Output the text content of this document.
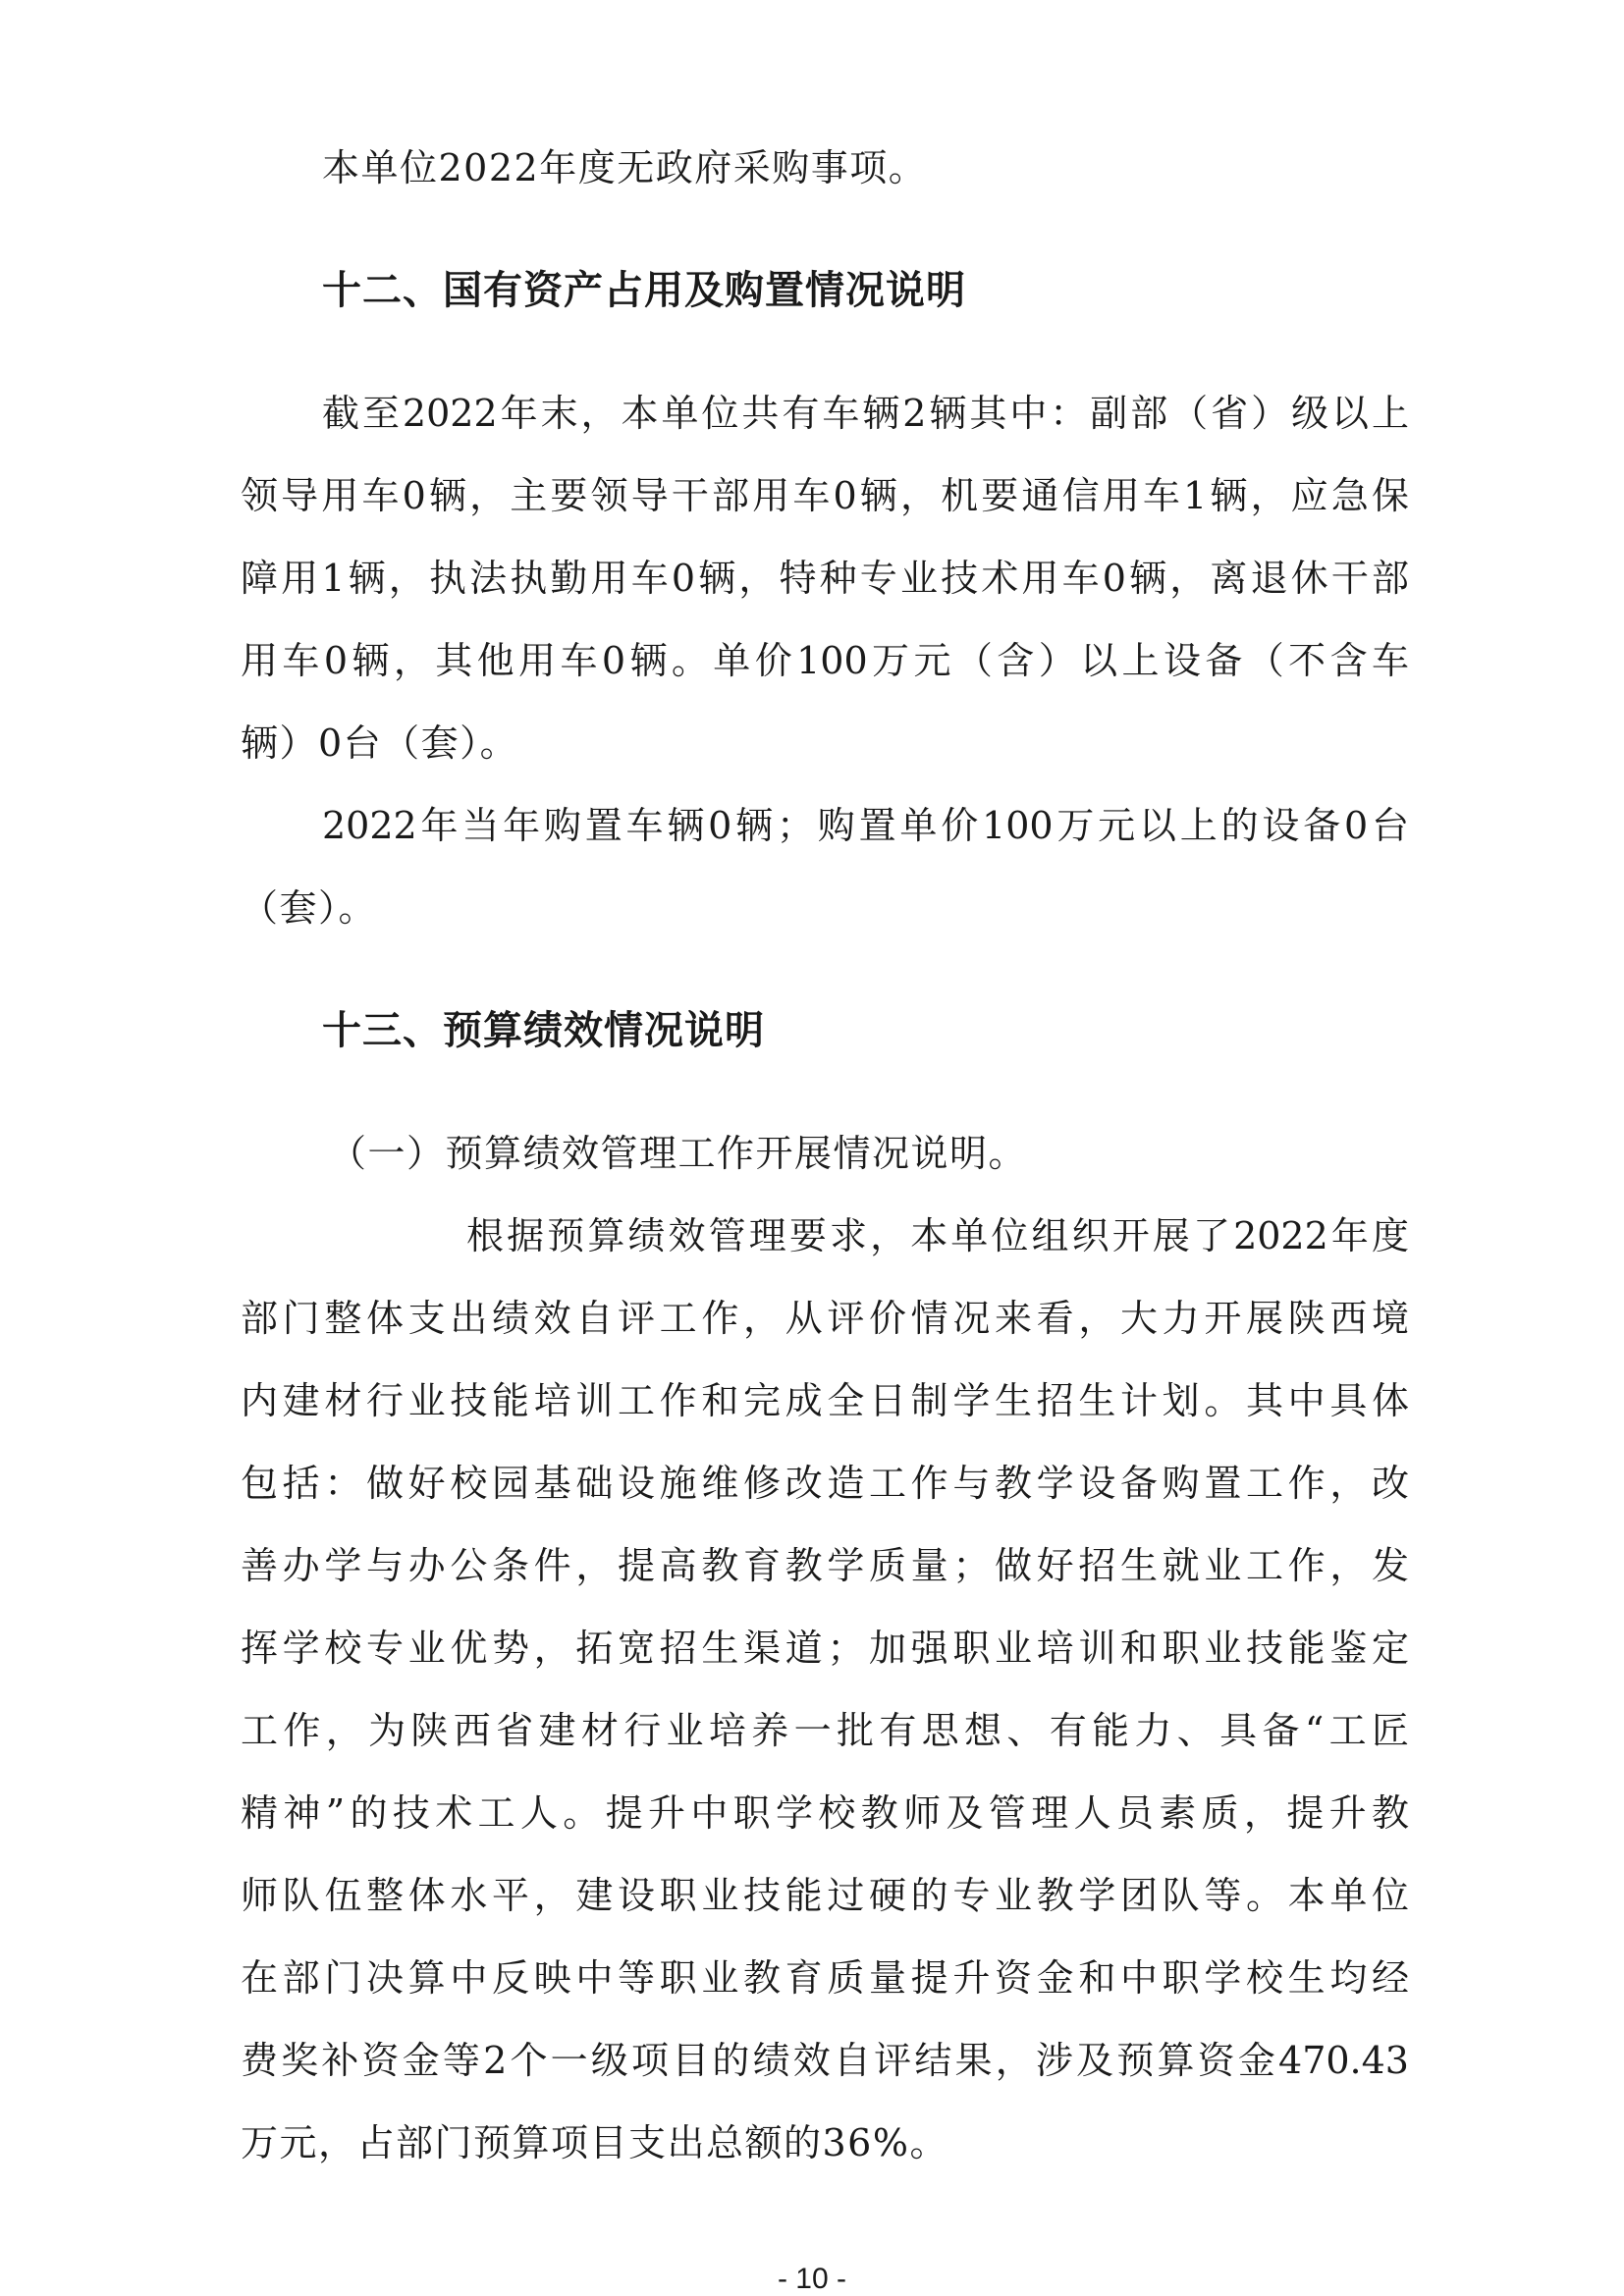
本单位2022年度无政府采购事项。
十二、国有资产占用及购置情况说明
截至2022年末，本单位共有车辆2辆其中：副部（省）级以上
领导用车0辆，主要领导干部用车0辆，机要通信用车1辆，应急保
障用1辆，执法执勤用车0辆，特种专业技术用车0辆，离退休干部
用车0辆，其他用车0辆。单价100万元（含）以上设备（不含车
辆）0台（套）。
2022年当年购置车辆0辆；购置单价100万元以上的设备0台
（套）。
十三、预算绩效情况说明
（一）预算绩效管理工作开展情况说明。
根据预算绩效管理要求，本单位组织开展了2022年度
部门整体支出绩效自评工作，从评价情况来看，大力开展陕西境
内建材行业技能培训工作和完成全日制学生招生计划。其中具体
包括：做好校园基础设施维修改造工作与教学设备购置工作，改
善办学与办公条件，提高教育教学质量；做好招生就业工作，发
挥学校专业优势，拓宽招生渠道；加强职业培训和职业技能鉴定
工作，为陕西省建材行业培养一批有思想、有能力、具备“工匠
精神”的技术工人。提升中职学校教师及管理人员素质，提升教
师队伍整体水平，建设职业技能过硬的专业教学团队等。本单位
在部门决算中反映中等职业教育质量提升资金和中职学校生均经
费奖补资金等2个一级项目的绩效自评结果，涉及预算资金470.43
万元，占部门预算项目支出总额的36%。
- 10 -
